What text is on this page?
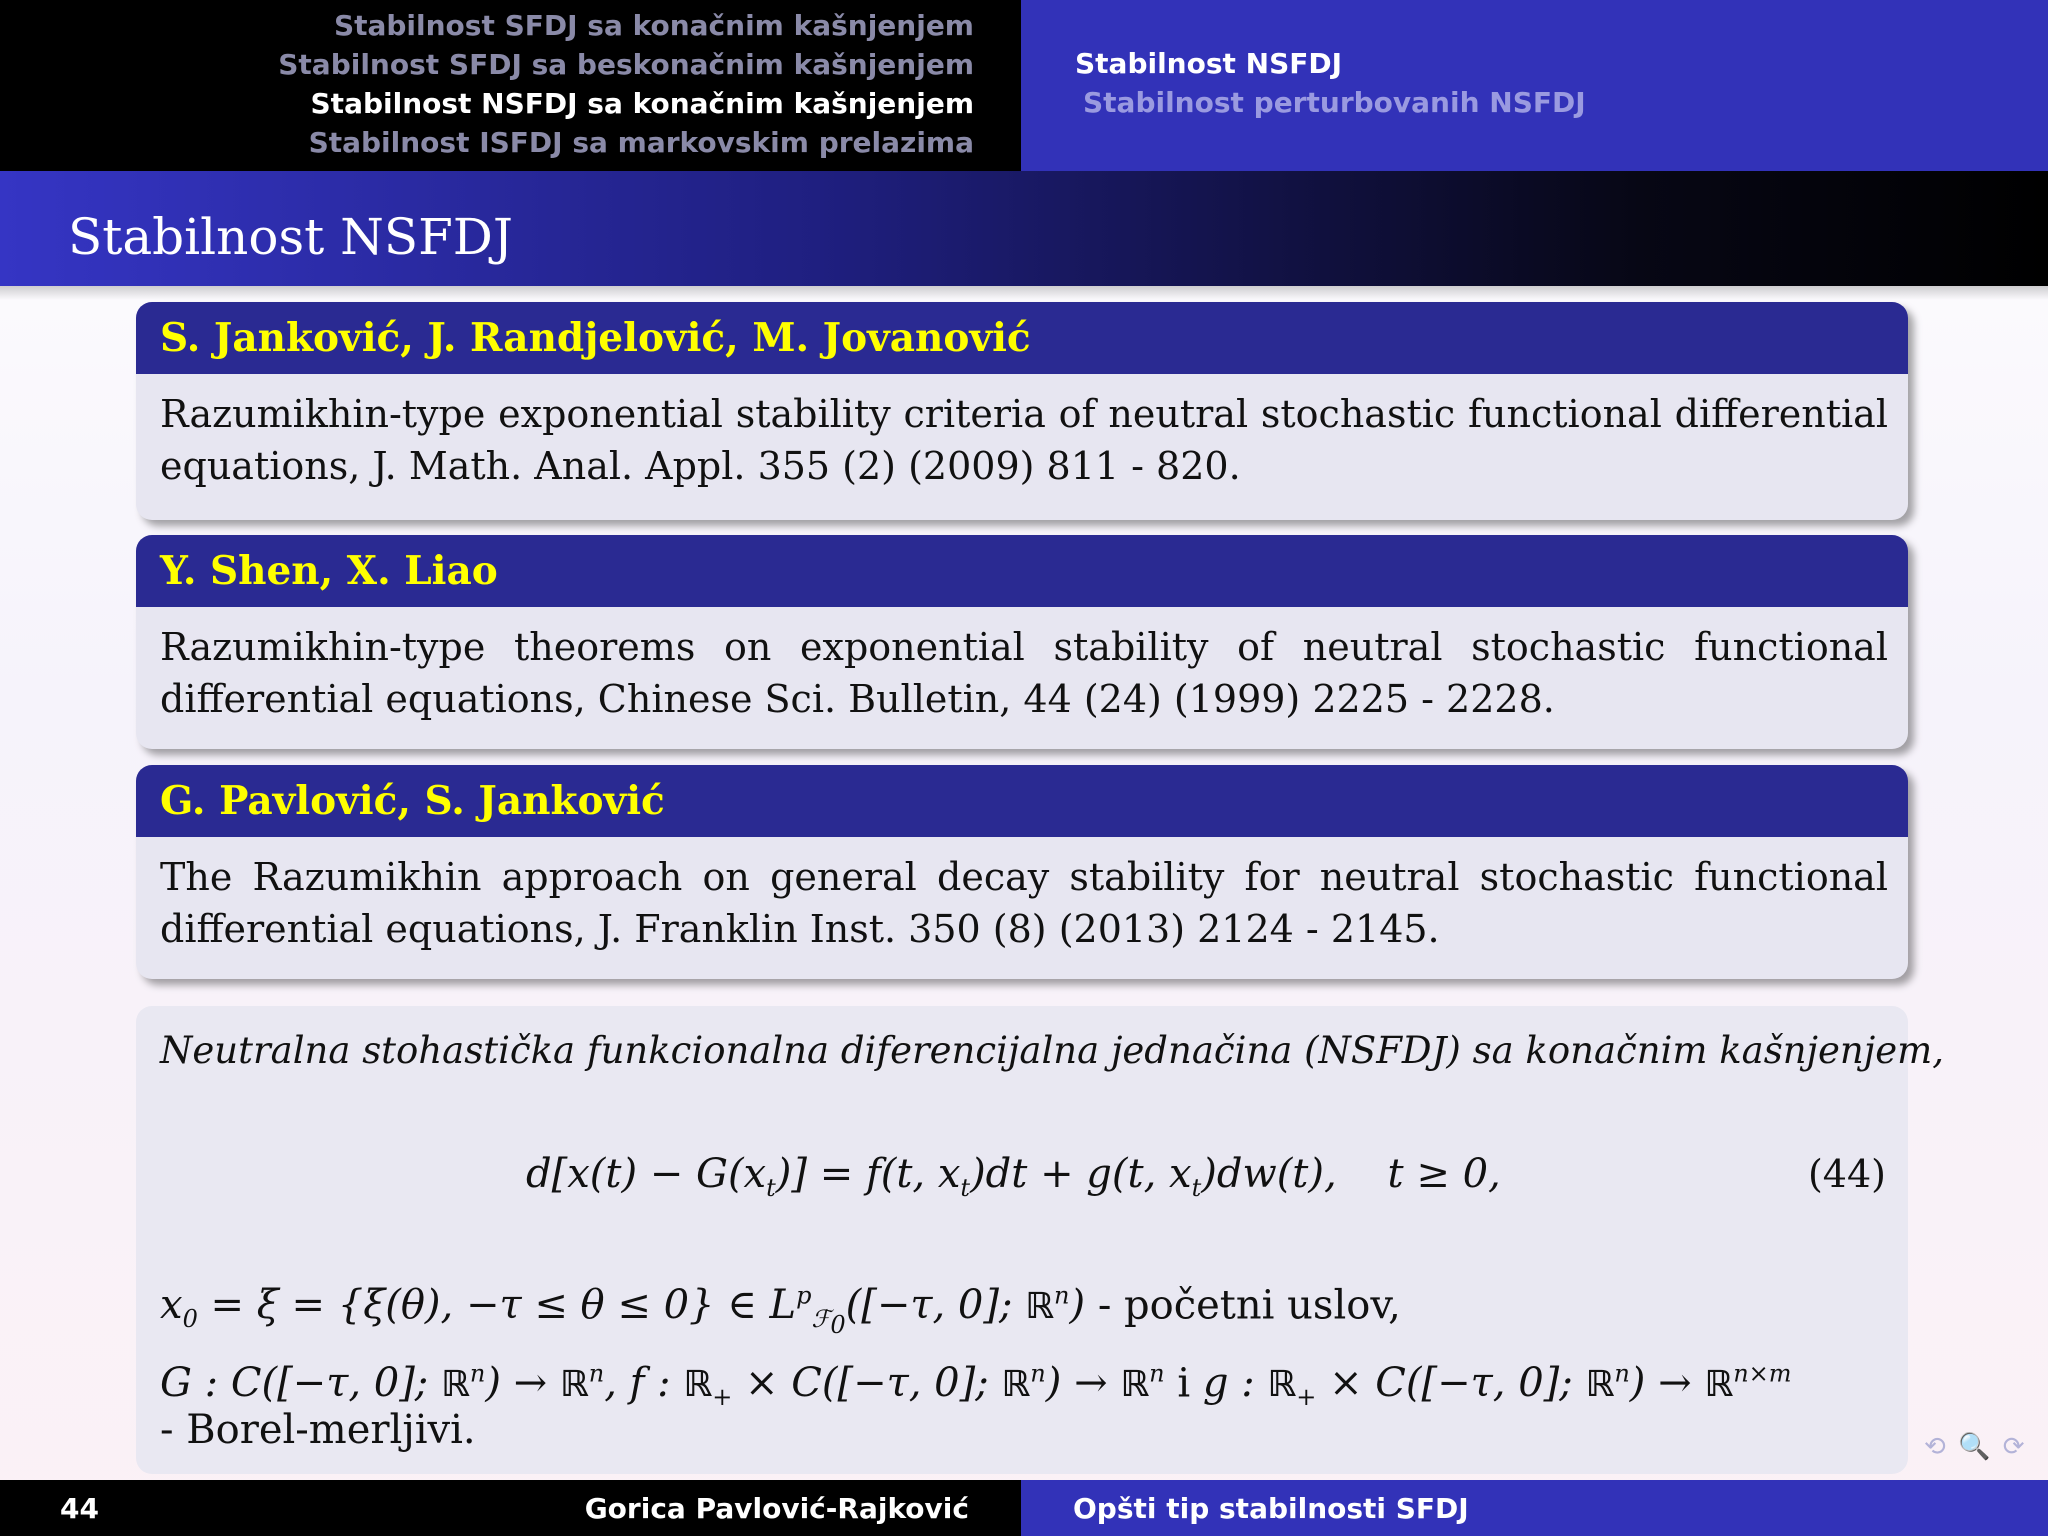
Stabilnost SFDJ sa konačnim kašnjenjem
Stabilnost SFDJ sa beskonačnim kašnjenjem
Stabilnost NSFDJ sa konačnim kašnjenjem
Stabilnost ISFDJ sa markovskim prelazima
Stabilnost NSFDJ
Stabilnost perturbovanih NSFDJ
Stabilnost NSFDJ
S. Janković, J. Randjelović, M. Jovanović
Razumikhin-type exponential stability criteria of neutral stochastic functional differential equations, J. Math. Anal. Appl. 355 (2) (2009) 811 - 820.
Y. Shen, X. Liao
Razumikhin-type theorems on exponential stability of neutral stochastic functional differential equations, Chinese Sci. Bulletin, 44 (24) (1999) 2225 - 2228.
G. Pavlović, S. Janković
The Razumikhin approach on general decay stability for neutral stochastic functional differential equations, J. Franklin Inst. 350 (8) (2013) 2124 - 2145.
Neutralna stohastička funkcionalna diferencijalna jednačina (NSFDJ) sa konačnim kašnjenjem,
$d[x(t) - G(x_t)] = f(t$, $x_t)dt + g(t$, $x_t)dw(t)$,    t ≥ 0,	(44)
$x_0 = \xi = \{\xi(\theta)$, −τ ≤ θ ≤ 0} ∈ $L^p_{ℱ_0}([-\tau$, 0]; ℝ$^n$) - početni uslov,
G : C([−τ, 0]; ℝ$^n$) → ℝ$^n$, f : ℝ$_+$ × C([−τ, 0]; ℝ$^n$) → ℝ$^n$ i g : ℝ$_+$ × C([−τ, 0]; ℝ$^n$) → ℝ$^{n\times m}$
- Borel-merljivi.	⟲ 🔍 ⟳
44	Gorica Pavlović-Rajković	Opšti tip stabilnosti SFDJ
